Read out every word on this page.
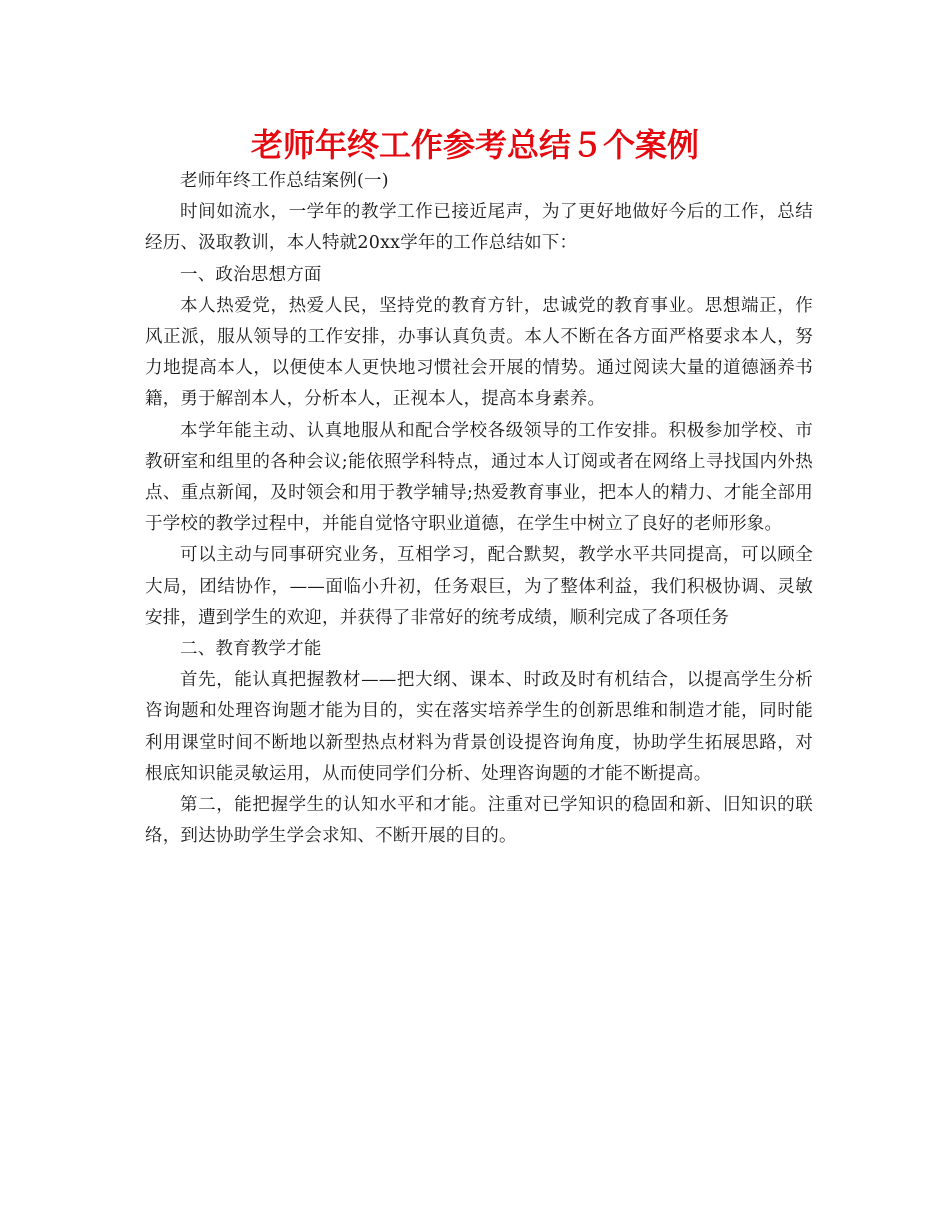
老师年终工作参考总结５个案例

老师年终工作总结案例(一)

时间如流水，一学年的教学工作已接近尾声，为了更好地做好今后的工作，总结经历、汲取教训，本人特就20xx学年的工作总结如下：

一、政治思想方面

本人热爱党，热爱人民，坚持党的教育方针，忠诚党的教育事业。思想端正，作风正派，服从领导的工作安排，办事认真负责。本人不断在各方面严格要求本人，努力地提高本人，以便使本人更快地习惯社会开展的情势。通过阅读大量的道德涵养书籍，勇于解剖本人，分析本人，正视本人，提高本身素养。

本学年能主动、认真地服从和配合学校各级领导的工作安排。积极参加学校、市教研室和组里的各种会议;能依照学科特点，通过本人订阅或者在网络上寻找国内外热点、重点新闻，及时领会和用于教学辅导;热爱教育事业，把本人的精力、才能全部用于学校的教学过程中，并能自觉恪守职业道德，在学生中树立了良好的老师形象。

可以主动与同事研究业务，互相学习，配合默契，教学水平共同提高，可以顾全大局，团结协作，——面临小升初，任务艰巨，为了整体利益，我们积极协调、灵敏安排，遭到学生的欢迎，并获得了非常好的统考成绩，顺利完成了各项任务

二、教育教学才能

首先，能认真把握教材——把大纲、课本、时政及时有机结合，以提高学生分析咨询题和处理咨询题才能为目的，实在落实培养学生的创新思维和制造才能，同时能利用课堂时间不断地以新型热点材料为背景创设提咨询角度，协助学生拓展思路，对根底知识能灵敏运用，从而使同学们分析、处理咨询题的才能不断提高。

第二，能把握学生的认知水平和才能。注重对已学知识的稳固和新、旧知识的联络，到达协助学生学会求知、不断开展的目的。
